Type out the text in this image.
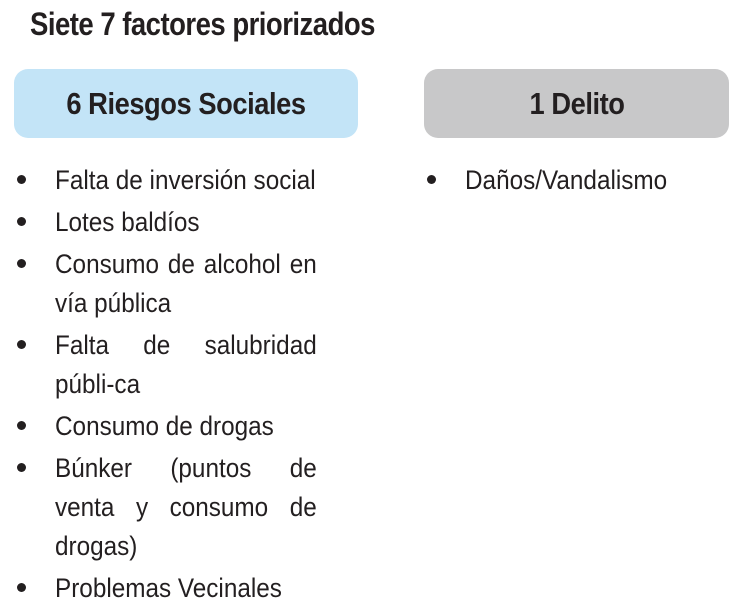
Siete 7 factores priorizados
6 Riesgos Sociales
Falta de inversión social
Lotes baldíos
Consumo de alcohol en vía pública
Falta de salubridad públi-ca
Consumo de drogas
Búnker (puntos de venta y consumo de drogas)
Problemas Vecinales
1 Delito
Daños/Vandalismo
